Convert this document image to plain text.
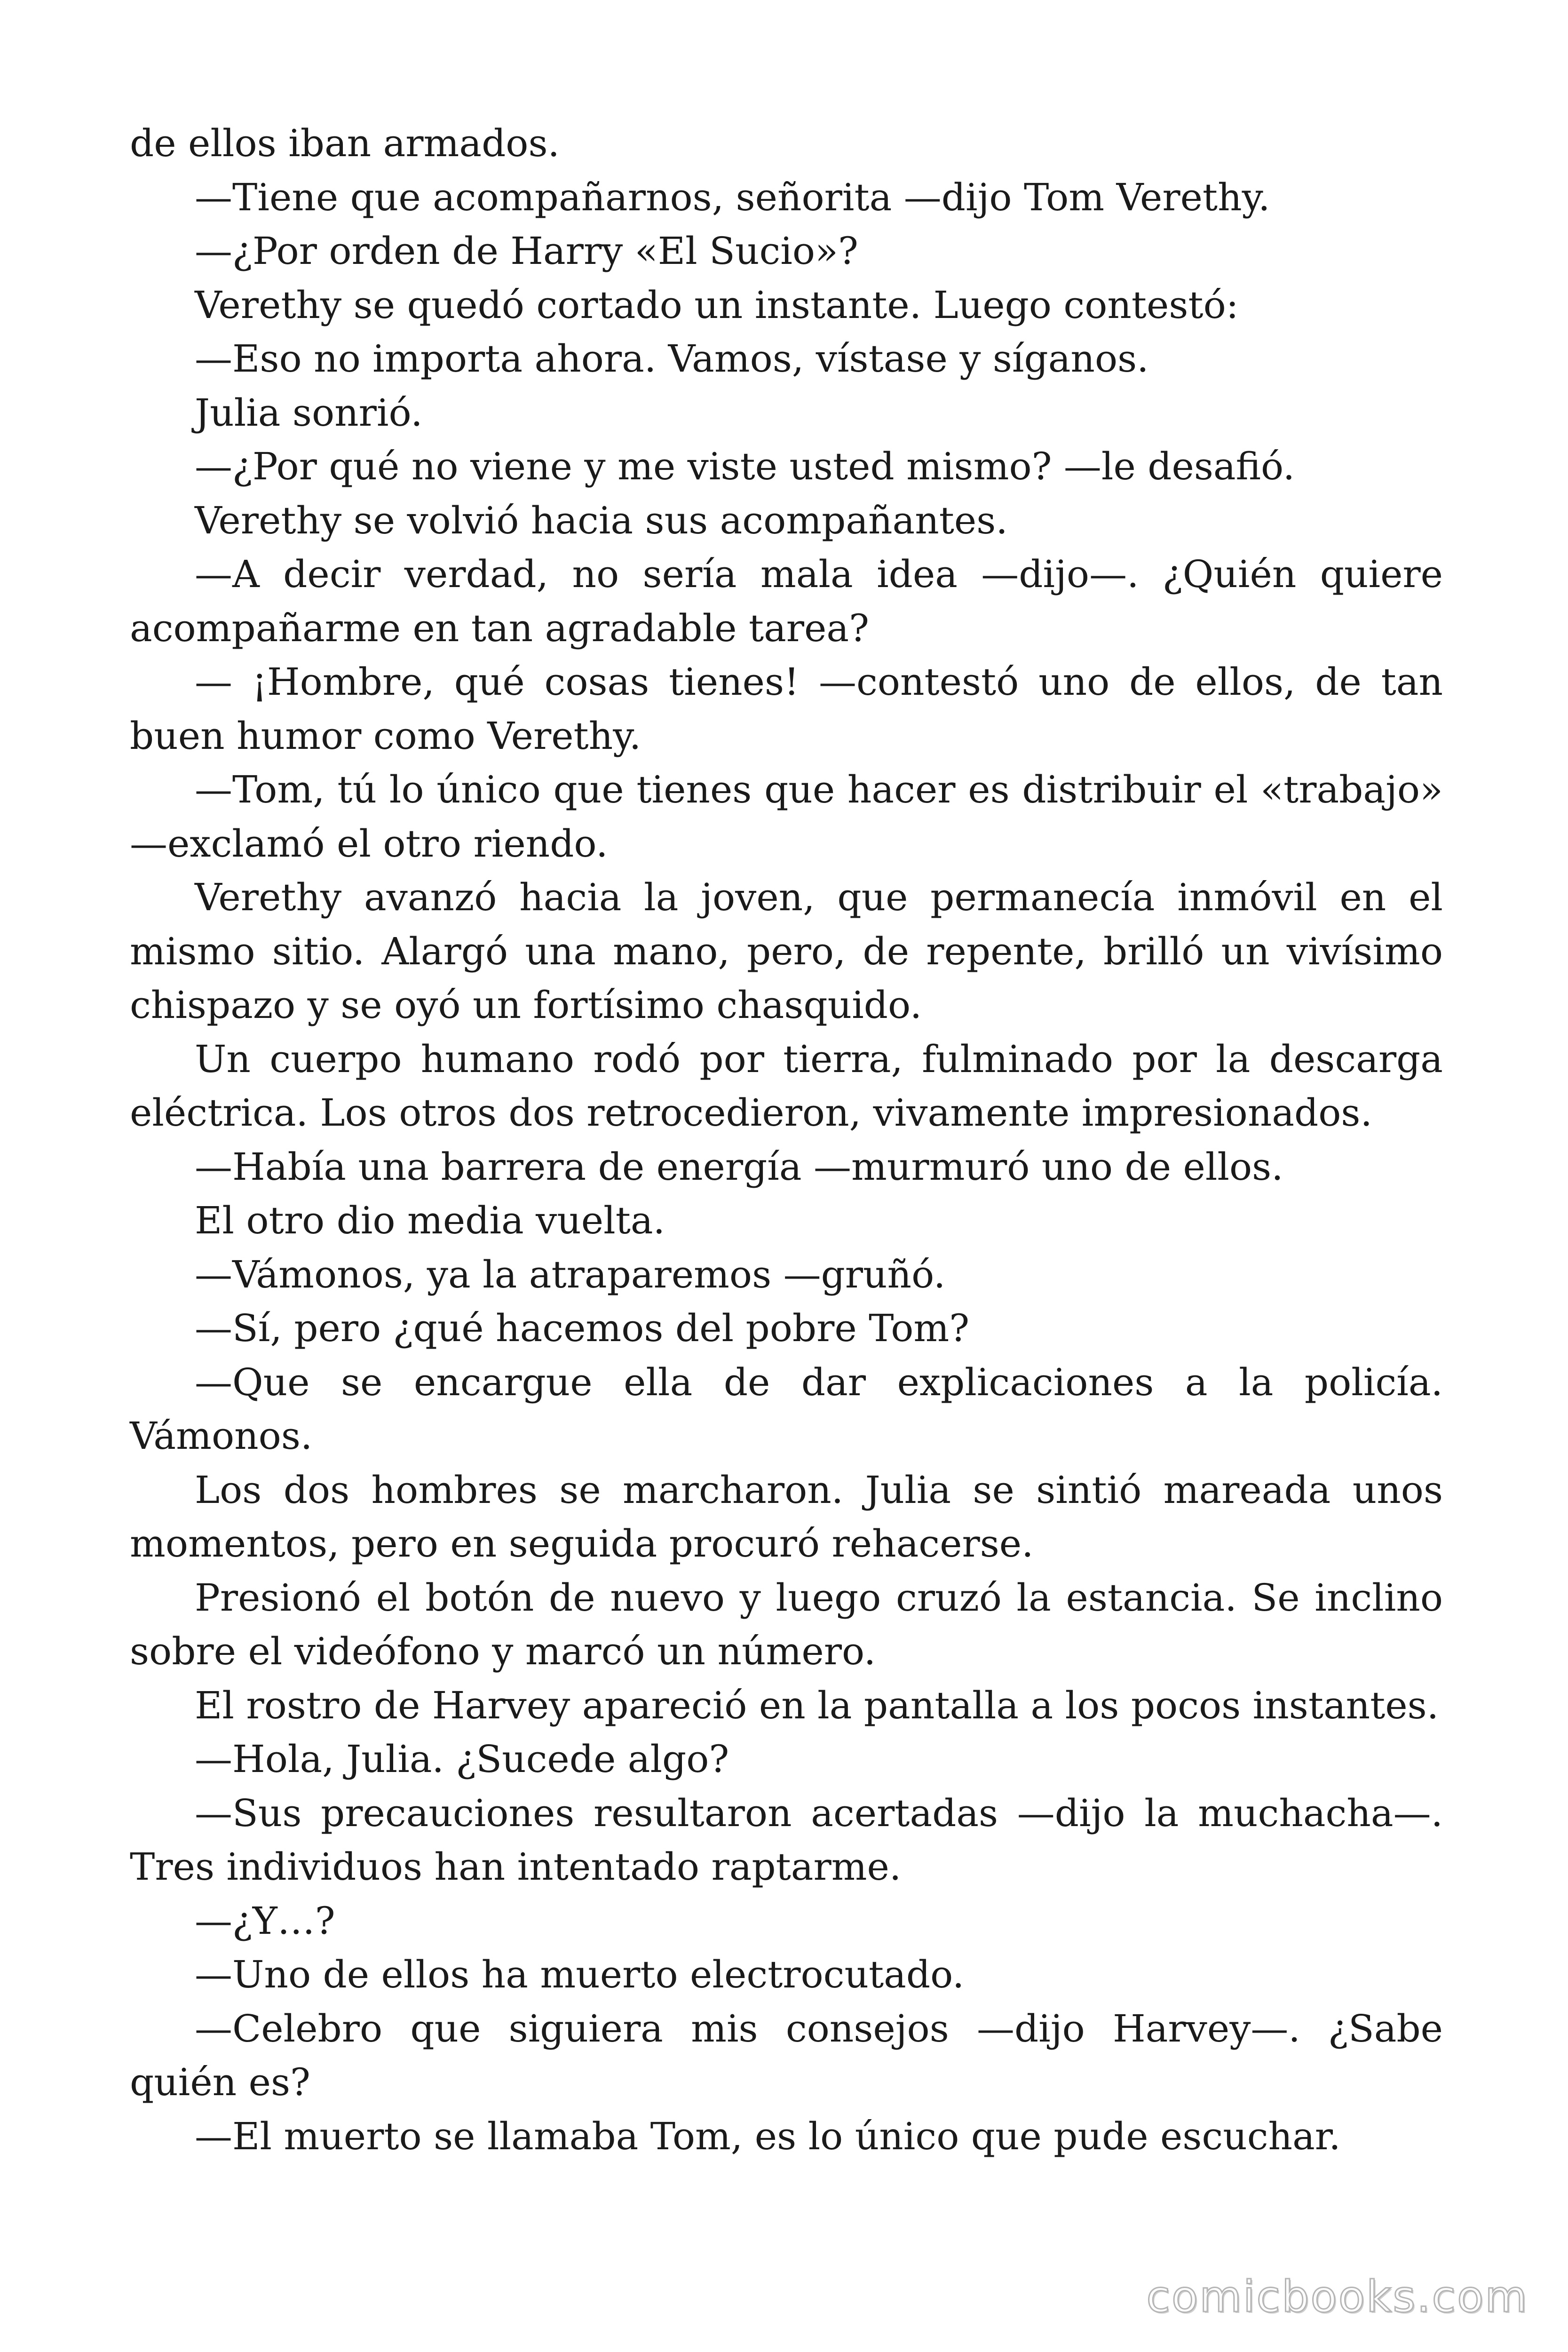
de ellos iban armados.

—Tiene que acompañarnos, señorita —dijo Tom Verethy.

—¿Por orden de Harry «El Sucio»?

Verethy se quedó cortado un instante. Luego contestó:

—Eso no importa ahora. Vamos, vístase y síganos.

Julia sonrió.

—¿Por qué no viene y me viste usted mismo? —le desafió.

Verethy se volvió hacia sus acompañantes.

—A decir verdad, no sería mala idea —dijo—. ¿Quién quiere acompañarme en tan agradable tarea?

— ¡Hombre, qué cosas tienes! —contestó uno de ellos, de tan buen humor como Verethy.

—Tom, tú lo único que tienes que hacer es distribuir el «trabajo» —exclamó el otro riendo.

Verethy avanzó hacia la joven, que permanecía inmóvil en el mismo sitio. Alargó una mano, pero, de repente, brilló un vivísimo chispazo y se oyó un fortísimo chasquido.

Un cuerpo humano rodó por tierra, fulminado por la descarga eléctrica. Los otros dos retrocedieron, vivamente impresionados.

—Había una barrera de energía —murmuró uno de ellos.

El otro dio media vuelta.

—Vámonos, ya la atraparemos —gruñó.

—Sí, pero ¿qué hacemos del pobre Tom?

—Que se encargue ella de dar explicaciones a la policía. Vámonos.

Los dos hombres se marcharon. Julia se sintió mareada unos momentos, pero en seguida procuró rehacerse.

Presionó el botón de nuevo y luego cruzó la estancia. Se inclino sobre el videófono y marcó un número.

El rostro de Harvey apareció en la pantalla a los pocos instantes.

—Hola, Julia. ¿Sucede algo?

—Sus precauciones resultaron acertadas —dijo la muchacha—. Tres individuos han intentado raptarme.

—¿Y…?

—Uno de ellos ha muerto electrocutado.

—Celebro que siguiera mis consejos —dijo Harvey—. ¿Sabe quién es?

—El muerto se llamaba Tom, es lo único que pude escuchar.

comicbooks.com
